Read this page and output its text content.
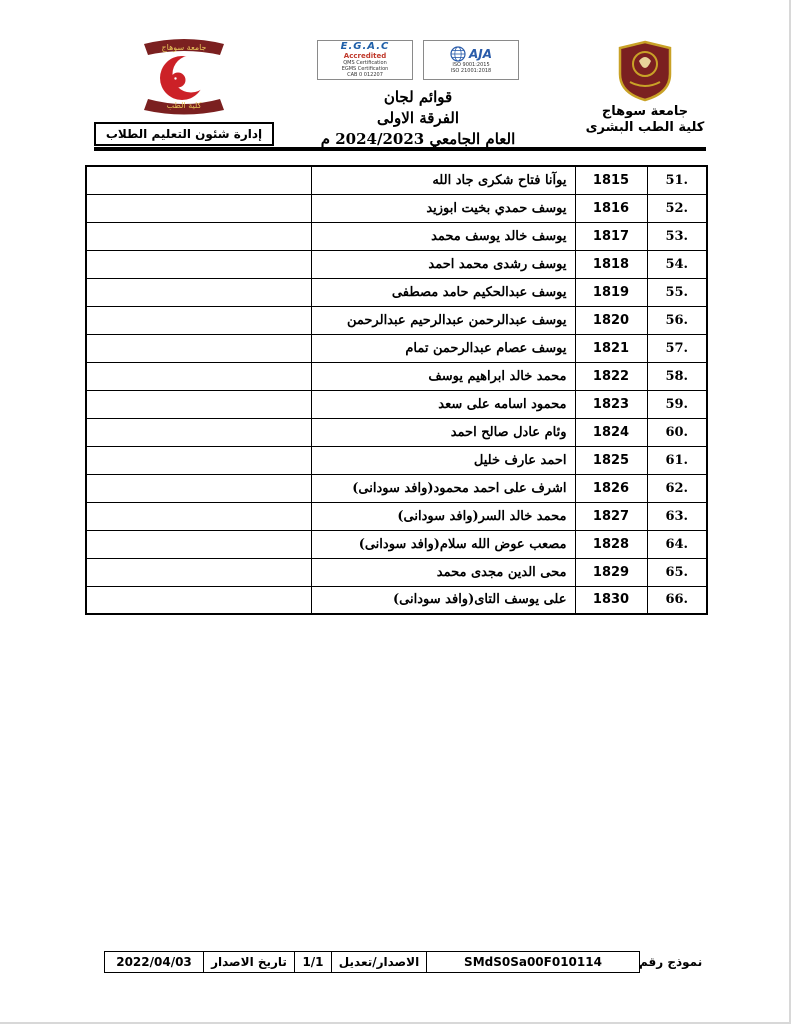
جامعة سوهاج
كلية الطب البشرى
E.G.A.C
Accredited
QMS Certification
EGMS Certification
CAB 0 012207
AJA
ISO 9001:2015
ISO 21001:2018
قوائم لجان
الفرقة الاولى
العام الجامعي 2024/2023 م
جامعة سوهاج
كلية الطب
إدارة شئون التعليم الطلاب
51.	1815	يوآنا فتاح شكرى جاد الله	
52.	1816	يوسف حمدي بخيت ابوزيد	
53.	1817	يوسف خالد يوسف محمد	
54.	1818	يوسف رشدى محمد احمد	
55.	1819	يوسف عبدالحكيم حامد مصطفى	
56.	1820	يوسف عبدالرحمن عبدالرحيم عبدالرحمن	
57.	1821	يوسف عصام عبدالرحمن تمام	
58.	1822	محمد خالد ابراهيم يوسف	
59.	1823	محمود اسامه على سعد	
60.	1824	وئام عادل صالح احمد	
61.	1825	احمد عارف خليل	
62.	1826	اشرف على احمد محمود(وافد سودانى)	
63.	1827	محمد خالد السر(وافد سودانى)	
64.	1828	مصعب عوض الله سلام(وافد سودانى)	
65.	1829	محى الدين مجدى محمد	
66.	1830	على يوسف التاى(وافد سودانى)	
2022/04/03	تاريخ الاصدار	1/1	الاصدار/تعديل	SMdS0Sa00F010114	نموذج رقم
